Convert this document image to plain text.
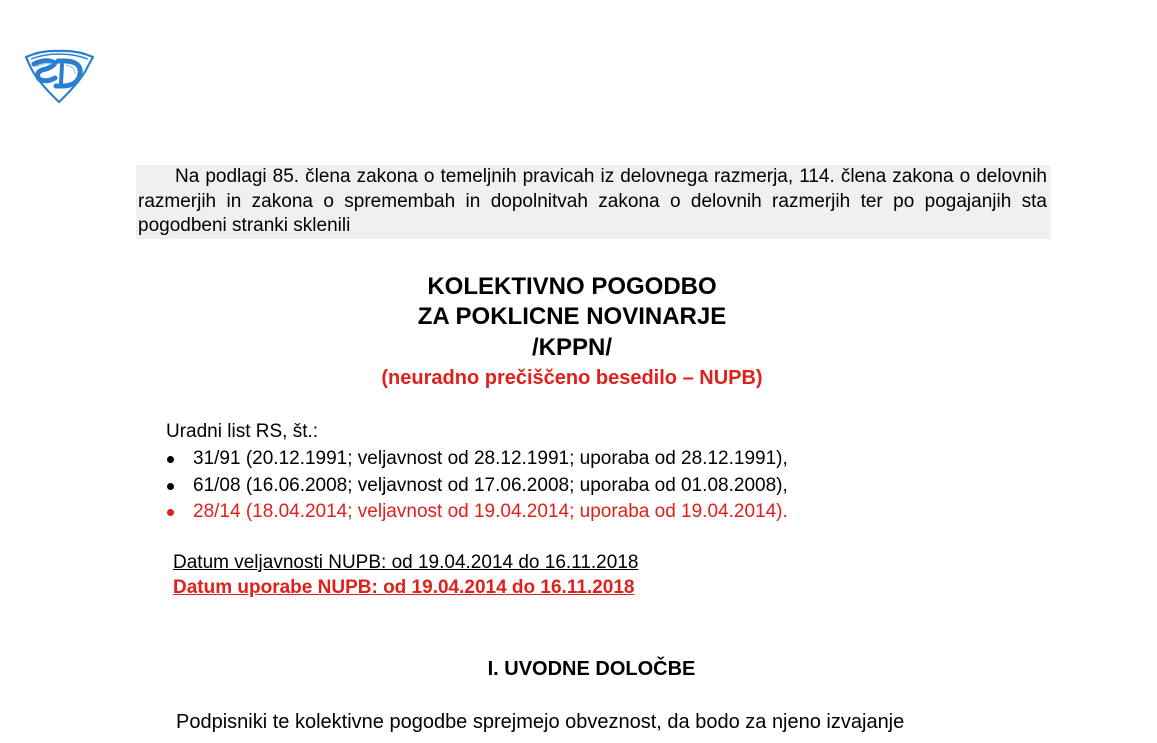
Na podlagi 85. člena zakona o temeljnih pravicah iz delovnega razmerja, 114. člena zakona o delovnih razmerjih in zakona o spremembah in dopolnitvah zakona o delovnih razmerjih ter po pogajanjih sta pogodbeni stranki sklenili
KOLEKTIVNO POGODBO
ZA POKLICNE NOVINARJE
/KPPN/
(neuradno prečiščeno besedilo – NUPB)
Uradni list RS, št.:
31/91 (20.12.1991; veljavnost od 28.12.1991; uporaba od 28.12.1991),
61/08 (16.06.2008; veljavnost od 17.06.2008; uporaba od 01.08.2008),
28/14 (18.04.2014; veljavnost od 19.04.2014; uporaba od 19.04.2014).
Datum veljavnosti NUPB: od 19.04.2014 do 16.11.2018
Datum uporabe NUPB: od 19.04.2014 do 16.11.2018
I. UVODNE DOLOČBE
Podpisniki te kolektivne pogodbe sprejmejo obveznost, da bodo za njeno izvajanje
